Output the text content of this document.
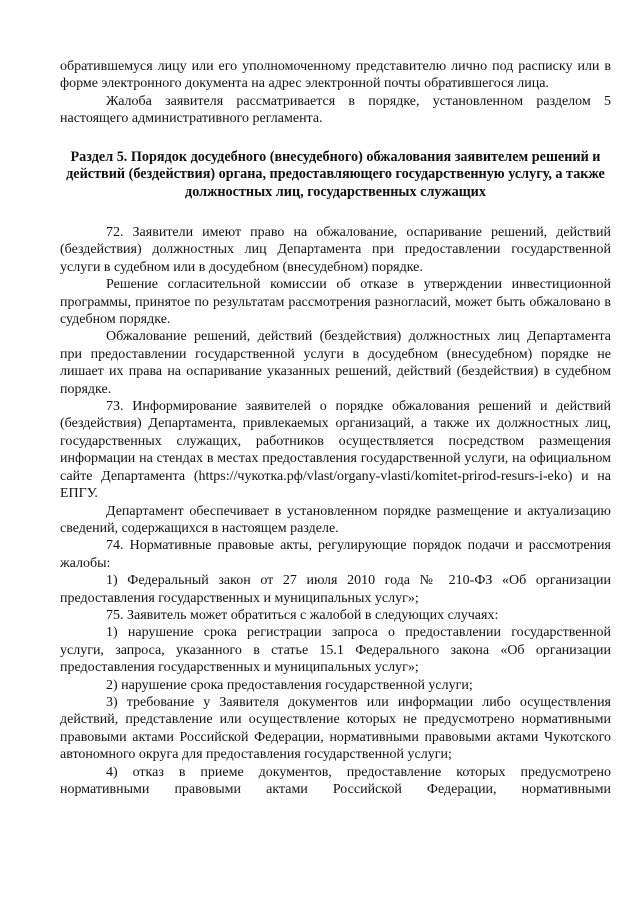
обратившемуся лицу или его уполномоченному представителю лично под расписку или в форме электронного документа на адрес электронной почты обратившегося лица.

Жалоба заявителя рассматривается в порядке, установленном разделом 5 настоящего административного регламента.

Раздел 5. Порядок досудебного (внесудебного) обжалования заявителем решений и действий (бездействия) органа, предоставляющего государственную услугу, а также должностных лиц, государственных служащих

72. Заявители имеют право на обжалование, оспаривание решений, действий (бездействия) должностных лиц Департамента при предоставлении государственной услуги в судебном или в досудебном (внесудебном) порядке.

Решение согласительной комиссии об отказе в утверждении инвестиционной программы, принятое по результатам рассмотрения разногласий, может быть обжаловано в судебном порядке.

Обжалование решений, действий (бездействия) должностных лиц Департамента при предоставлении государственной услуги в досудебном (внесудебном) порядке не лишает их права на оспаривание указанных решений, действий (бездействия) в судебном порядке.

73. Информирование заявителей о порядке обжалования решений и действий (бездействия) Департамента, привлекаемых организаций, а также их должностных лиц, государственных служащих, работников осуществляется посредством размещения информации на стендах в местах предоставления государственной услуги, на официальном сайте Департамента (https://чукотка.рф/vlast/organy-vlasti/komitet-prirod-resurs-i-eko) и на ЕПГУ.

Департамент обеспечивает в установленном порядке размещение и актуализацию сведений, содержащихся в настоящем разделе.

74. Нормативные правовые акты, регулирующие порядок подачи и рассмотрения жалобы:

1) Федеральный закон от 27 июля 2010 года № 210-ФЗ «Об организации предоставления государственных и муниципальных услуг»;

75. Заявитель может обратиться с жалобой в следующих случаях:

1) нарушение срока регистрации запроса о предоставлении государственной услуги, запроса, указанного в статье 15.1 Федерального закона «Об организации предоставления государственных и муниципальных услуг»;

2) нарушение срока предоставления государственной услуги;

3) требование у Заявителя документов или информации либо осуществления действий, представление или осуществление которых не предусмотрено нормативными правовыми актами Российской Федерации, нормативными правовыми актами Чукотского автономного округа для предоставления государственной услуги;

4) отказ в приеме документов, предоставление которых предусмотрено нормативными правовыми актами Российской Федерации, нормативными
